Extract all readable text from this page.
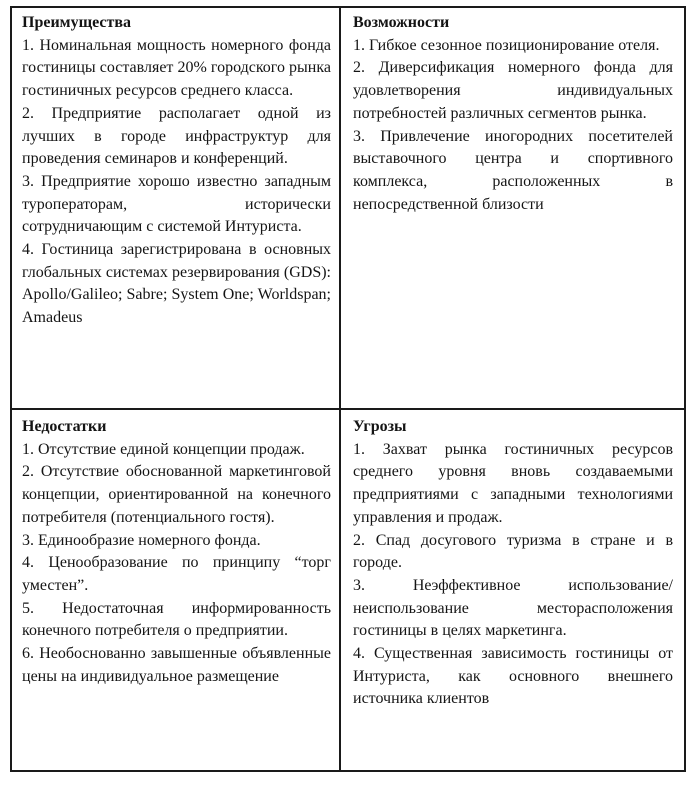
Преимущества

1. Номинальная мощность номерного фонда гостиницы составляет 20% городского рынка гостиничных ресурсов среднего класса.

2. Предприятие располагает одной из лучших в городе инфраструктур для проведения семинаров и конференций.

3. Предприятие хорошо известно западным туроператорам, исторически сотрудничающим с системой Интуриста.

4. Гостиница зарегистрирована в основных глобальных системах резервирования (GDS): Apollo/Galileo; Sabre; System One; Worldspan; Amadeus

Возможности

1. Гибкое сезонное позиционирование отеля.

2. Диверсификация номерного фонда для удовлетворения индивидуальных потребностей различных сегментов рынка.

3. Привлечение иногородних посетителей выставочного центра и спортивного комплекса, расположенных в непосредственной близости

Недостатки

1. Отсутствие единой концепции продаж.

2. Отсутствие обоснованной маркетинговой концепции, ориентированной на конечного потребителя (потенциального гостя).

3. Единообразие номерного фонда.

4. Ценообразование по принципу “торг уместен”.

5. Недостаточная информированность конечного потребителя о предприятии.

6. Необоснованно завышенные объявленные цены на индивидуальное размещение

Угрозы

1. Захват рынка гостиничных ресурсов среднего уровня вновь создаваемыми предприятиями с западными технологиями управления и продаж.

2. Спад досугового туризма в стране и в городе.

3. Неэффективное использование/неиспользование месторасположения гостиницы в целях маркетинга.

4. Существенная зависимость гостиницы от Интуриста, как основного внешнего источника клиентов
